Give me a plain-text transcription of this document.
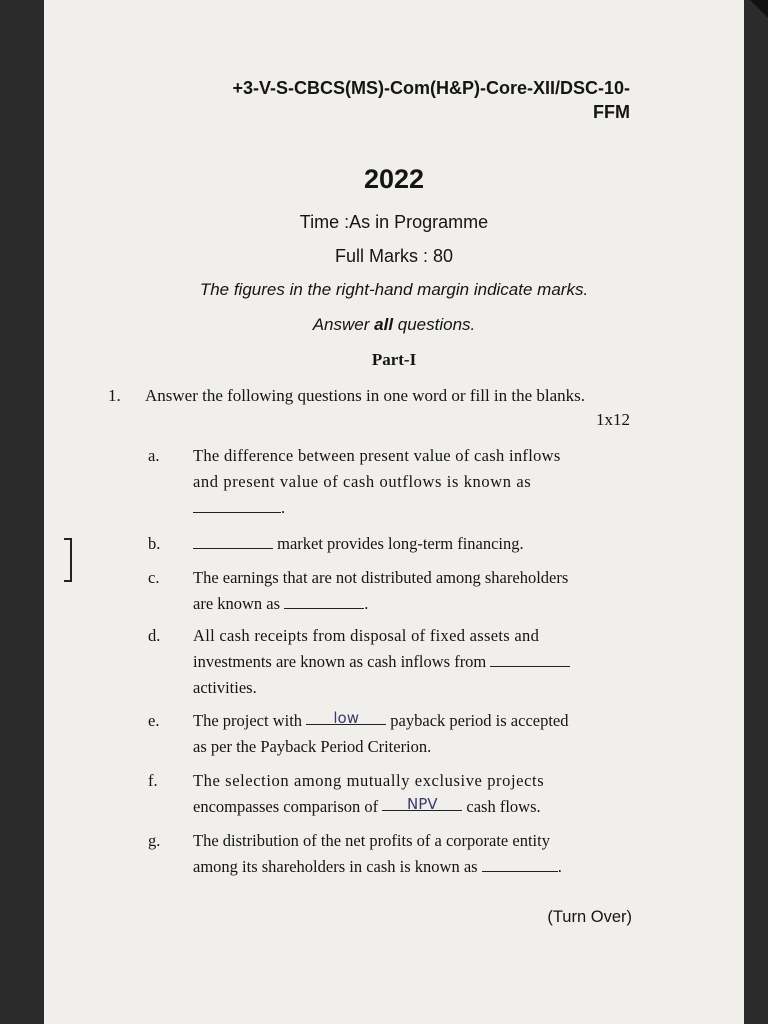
+3-V-S-CBCS(MS)-Com(H&P)-Core-XII/DSC-10-
FFM
2022
Time :As in Programme
Full Marks : 80
The figures in the right-hand margin indicate marks.
Answer all questions.
Part-I
1. Answer the following questions in one word or fill in the blanks.
1x12
a.	The difference between present value of cash inflows
and present value of cash outflows is known as
.
b.	market provides long-term financing.
c.	The earnings that are not distributed among shareholders
are known as	.
d.	All cash receipts from disposal of fixed assets and
investments are known as cash inflows from
activities.
e.	The project with low payback period is accepted
as per the Payback Period Criterion.
f.	The selection among mutually exclusive projects
encompasses comparison of NPV cash flows.
g.	The distribution of the net profits of a corporate entity
among its shareholders in cash is known as	.
(Turn Over)
